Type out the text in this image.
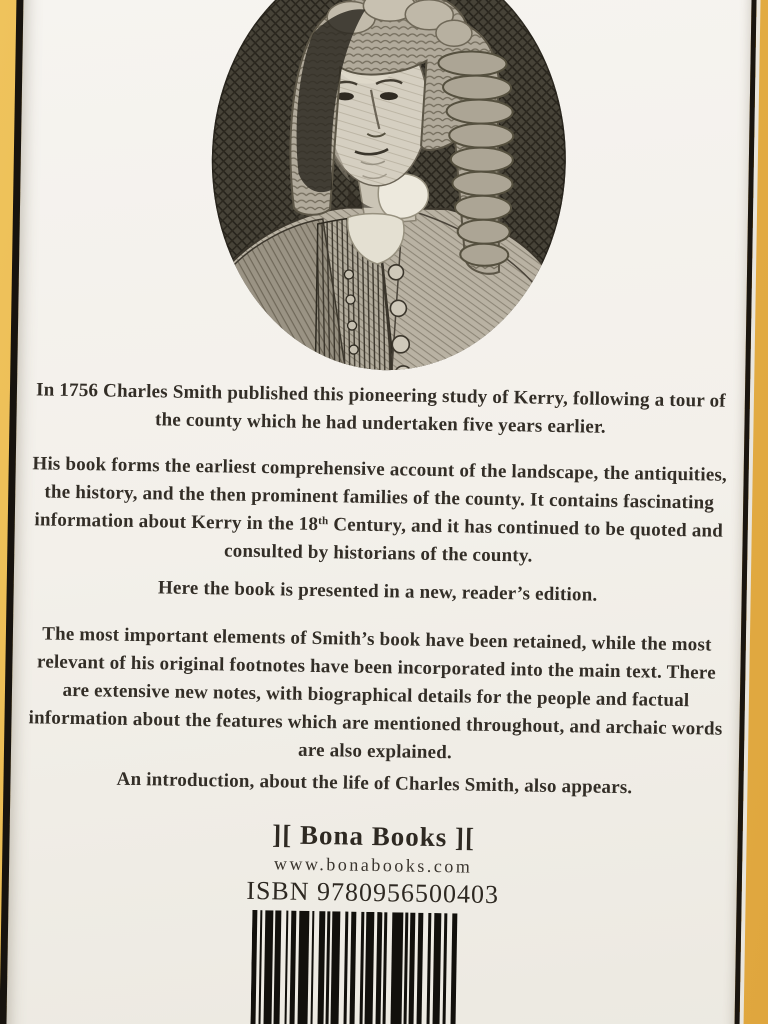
In 1756 Charles Smith published this pioneering study of Kerry, following a tour of the county which he had undertaken five years earlier.

His book forms the earliest comprehensive account of the landscape, the antiquities, the history, and the then prominent families of the county. It contains fascinating information about Kerry in the 18th Century, and it has continued to be quoted and consulted by historians of the county.

Here the book is presented in a new, reader’s edition.

The most important elements of Smith’s book have been retained, while the most relevant of his original footnotes have been incorporated into the main text. There are extensive new notes, with biographical details for the people and factual information about the features which are mentioned throughout, and archaic words are also explained.

An introduction, about the life of Charles Smith, also appears.

][ Bona Books ][
www.bonabooks.com
ISBN 9780956500403
